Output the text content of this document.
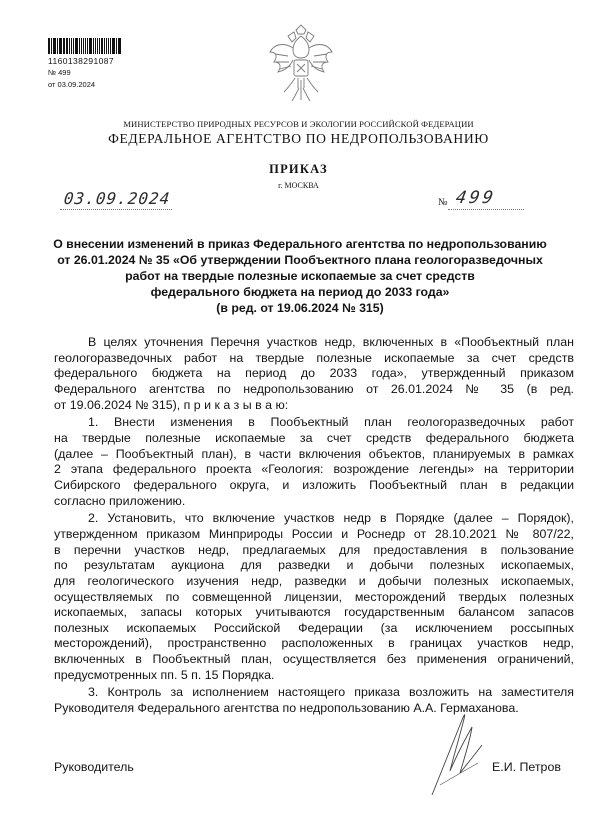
1160138291087
№ 499
от 03.09.2024
МИНИСТЕРСТВО ПРИРОДНЫХ РЕСУРСОВ И ЭКОЛОГИИ РОССИЙСКОЙ ФЕДЕРАЦИИ
ФЕДЕРАЛЬНОЕ АГЕНТСТВО ПО НЕДРОПОЛЬЗОВАНИЮ
ПРИКАЗ
г. МОСКВА
03.09.2024	№ 499
О внесении изменений в приказ Федерального агентства по недропользованию
от 26.01.2024 № 35 «Об утверждении Пообъектного плана геологоразведочных
работ на твердые полезные ископаемые за счет средств
федерального бюджета на период до 2033 года»
(в ред. от 19.06.2024 № 315)
В целях уточнения Перечня участков недр, включенных в «Пообъектный план
геологоразведочных работ на твердые полезные ископаемые за счет средств
федерального бюджета на период до 2033 года», утвержденный приказом
Федерального агентства по недропользованию от 26.01.2024 № 35 (в ред.
от 19.06.2024 № 315), п р и к а з ы в а ю:
1. Внести изменения в Пообъектный план геологоразведочных работ
на твердые полезные ископаемые за счет средств федерального бюджета
(далее – Пообъектный план), в части включения объектов, планируемых в рамках
2 этапа федерального проекта «Геология: возрождение легенды» на территории
Сибирского федерального округа, и изложить Пообъектный план в редакции
согласно приложению.
2. Установить, что включение участков недр в Порядке (далее – Порядок),
утвержденном приказом Минприроды России и Роснедр от 28.10.2021 № 807/22,
в перечни участков недр, предлагаемых для предоставления в пользование
по результатам аукциона для разведки и добычи полезных ископаемых,
для геологического изучения недр, разведки и добычи полезных ископаемых,
осуществляемых по совмещенной лицензии, месторождений твердых полезных
ископаемых, запасы которых учитываются государственным балансом запасов
полезных ископаемых Российской Федерации (за исключением россыпных
месторождений), пространственно расположенных в границах участков недр,
включенных в Пообъектный план, осуществляется без применения ограничений,
предусмотренных пп. 5 п. 15 Порядка.
3. Контроль за исполнением настоящего приказа возложить на заместителя
Руководителя Федерального агентства по недропользованию А.А. Гермаханова.
Руководитель	Е.И. Петров
